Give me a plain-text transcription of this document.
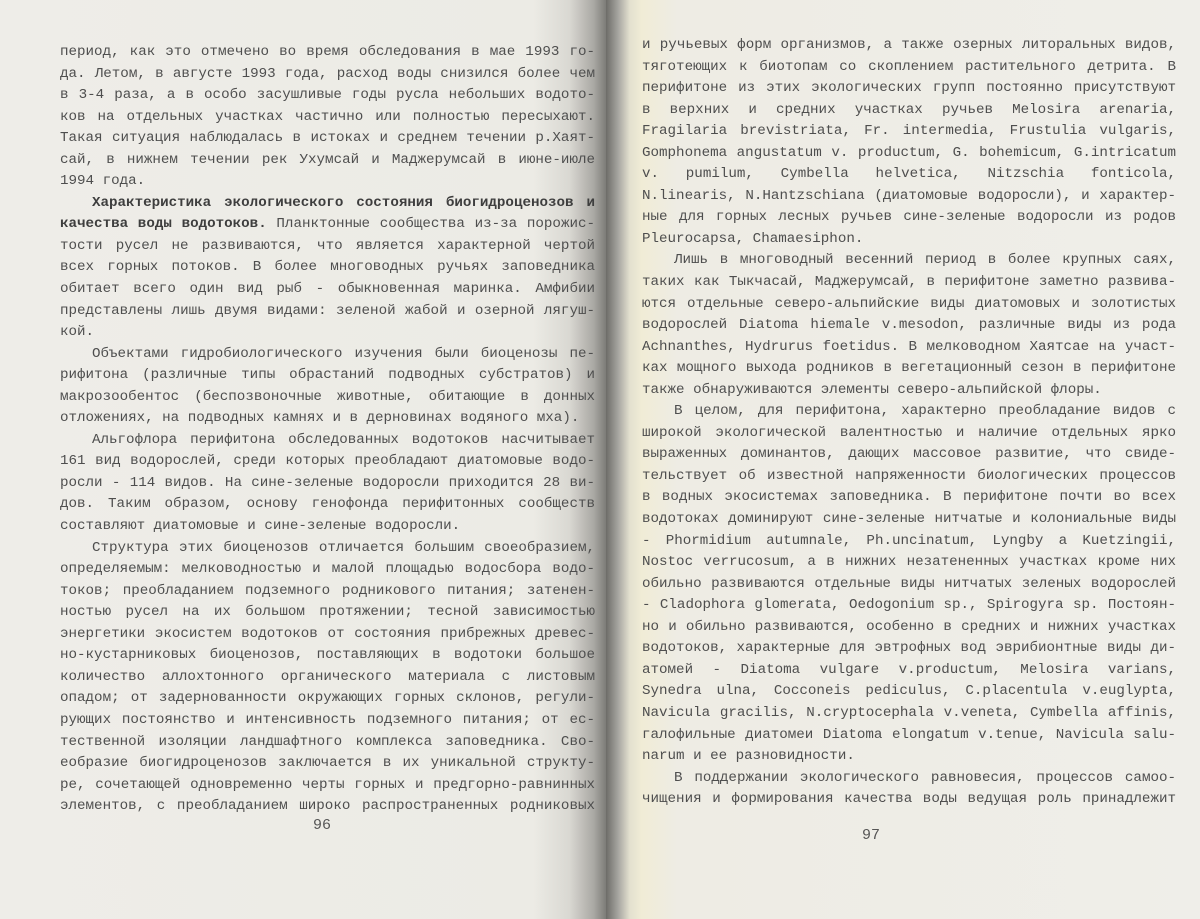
период, как это отмечено во время обследования в мае 1993 го-
да. Летом, в августе 1993 года, расход воды снизился более чем
в 3-4 раза, а в особо засушливые годы русла небольших водото-
ков на отдельных участках частично или полностью пересыхают.
Такая ситуация наблюдалась в истоках и среднем течении р.Хаят-
сай, в нижнем течении рек Ухумсай и Маджерумсай в июне-июле
1994 года.
Характеристика экологического состояния биогидроценозов и
качества воды водотоков. Планктонные сообщества из-за порожис-
тости русел не развиваются, что является характерной чертой
всех горных потоков. В более многоводных ручьях заповедника
обитает всего один вид рыб - обыкновенная маринка. Амфибии
представлены лишь двумя видами: зеленой жабой и озерной лягуш-
кой.
Объектами гидробиологического изучения были биоценозы пе-
рифитона (различные типы обрастаний подводных субстратов) и
макрозообентос (беспозвоночные животные, обитающие в донных
отложениях, на подводных камнях и в дерновинах водяного мха).
Альгофлора перифитона обследованных водотоков насчитывает
161 вид водорослей, среди которых преобладают диатомовые водо-
росли - 114 видов. На сине-зеленые водоросли приходится 28 ви-
дов. Таким образом, основу генофонда перифитонных сообществ
составляют диатомовые и сине-зеленые водоросли.
Структура этих биоценозов отличается большим своеобразием,
определяемым: мелководностью и малой площадью водосбора водо-
токов; преобладанием подземного родникового питания; затенен-
ностью русел на их большом протяжении; тесной зависимостью
энергетики экосистем водотоков от состояния прибрежных древес-
но-кустарниковых биоценозов, поставляющих в водотоки большое
количество аллохтонного органического материала с листовым
опадом; от задернованности окружающих горных склонов, регули-
рующих постоянство и интенсивность подземного питания; от ес-
тественной изоляции ландшафтного комплекса заповедника. Сво-
еобразие биогидроценозов заключается в их уникальной структу-
ре, сочетающей одновременно черты горных и предгорно-равнинных
элементов, с преобладанием широко распространенных родниковых
96
и ручьевых форм организмов, а также озерных литоральных видов,
тяготеющих к биотопам со скоплением растительного детрита. В
перифитоне из этих экологических групп постоянно присутствуют
в верхних и средних участках ручьев Melosira arenaria,
Fragilaria brevistriata, Fr. intermedia, Frustulia vulgaris,
Gomphonema angustatum v. productum, G. bohemicum, G.intricatum
v. pumilum, Cymbella helvetica, Nitzschia fonticola,
N.linearis, N.Hantzschiana (диатомовые водоросли), и характер-
ные для горных лесных ручьев сине-зеленые водоросли из родов
Pleurocapsa, Chamaesiphon.
Лишь в многоводный весенний период в более крупных саях,
таких как Тыкчасай, Маджерумсай, в перифитоне заметно развива-
ются отдельные северо-альпийские виды диатомовых и золотистых
водорослей Diatoma hiemale v.mesodon, различные виды из рода
Achnanthes, Hydrurus foetidus. В мелководном Хаятсае на участ-
ках мощного выхода родников в вегетационный сезон в перифитоне
также обнаруживаются элементы северо-альпийской флоры.
В целом, для перифитона, характерно преобладание видов с
широкой экологической валентностью и наличие отдельных ярко
выраженных доминантов, дающих массовое развитие, что свиде-
тельствует об известной напряженности биологических процессов
в водных экосистемах заповедника. В перифитоне почти во всех
водотоках доминируют сине-зеленые нитчатые и колониальные виды
- Phormidium autumnale, Ph.uncinatum, Lyngby a Kuetzingii,
Nostoc verrucosum, а в нижних незатененных участках кроме них
обильно развиваются отдельные виды нитчатых зеленых водорослей
- Cladophora glomerata, Oedogonium sp., Spirogyra sp. Постоян-
но и обильно развиваются, особенно в средних и нижних участках
водотоков, характерные для эвтрофных вод эврибионтные виды ди-
атомей - Diatoma vulgare v.productum, Melosira varians,
Synedra ulna, Cocconeis pediculus, C.placentula v.euglypta,
Navicula gracilis, N.cryptocephala v.veneta, Cymbella affinis,
галофильные диатомеи Diatoma elongatum v.tenue, Navicula salu-
narum и ее разновидности.
В поддержании экологического равновесия, процессов самоо-
чищения и формирования качества воды ведущая роль принадлежит
97
